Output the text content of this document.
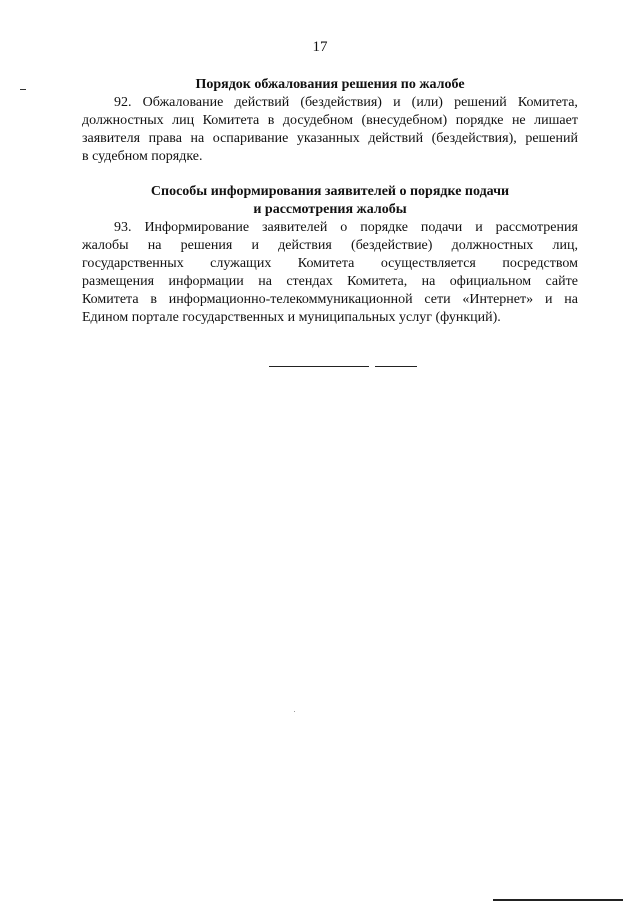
17

Порядок обжалования решения по жалобе

92. Обжалование действий (бездействия) и (или) решений Комитета,
должностных лиц Комитета в досудебном (внесудебном) порядке не лишает
заявителя права на оспаривание указанных действий (бездействия), решений
в судебном порядке.

Способы информирования заявителей о порядке подачи
и рассмотрения жалобы

93. Информирование заявителей о порядке подачи и рассмотрения
жалобы на решения и действия (бездействие) должностных лиц,
государственных служащих Комитета осуществляется посредством
размещения информации на стендах Комитета, на официальном сайте
Комитета в информационно-телекоммуникационной сети «Интернет» и на
Едином портале государственных и муниципальных услуг (функций).
